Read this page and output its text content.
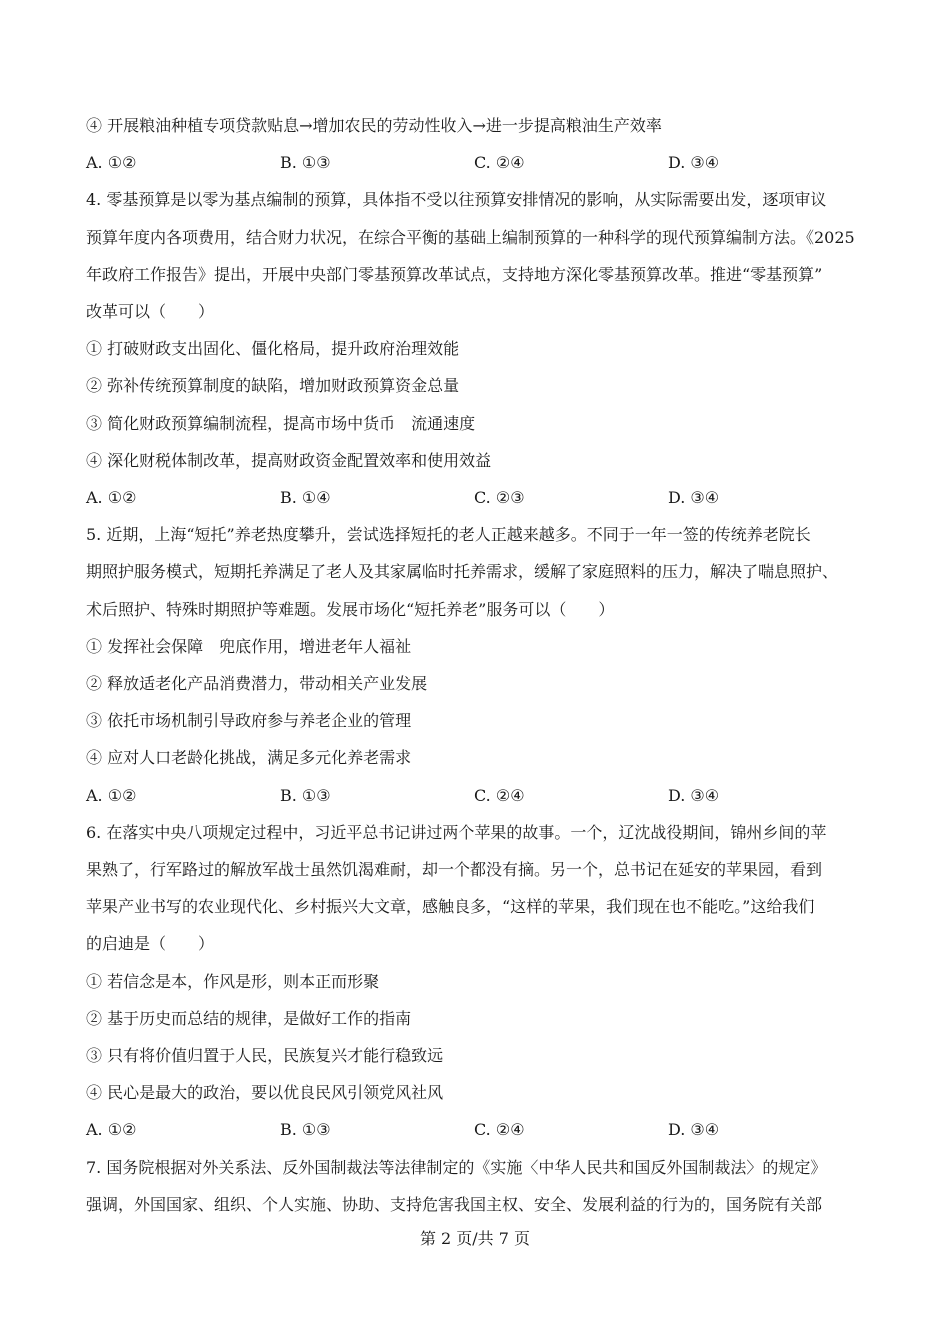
④ 开展粮油种植专项贷款贴息→增加农民的劳动性收入→进一步提高粮油生产效率
A. ①②	B. ①③	C. ②④	D. ③④
4. 零基预算是以零为基点编制的预算，具体指不受以往预算安排情况的影响，从实际需要出发，逐项审议
预算年度内各项费用，结合财力状况，在综合平衡的基础上编制预算的一种科学的现代预算编制方法。《2025
年政府工作报告》提出，开展中央部门零基预算改革试点，支持地方深化零基预算改革。推进“零基预算”
改革可以（　　）
① 打破财政支出固化、僵化格局，提升政府治理效能
② 弥补传统预算制度的缺陷，增加财政预算资金总量
③ 简化财政预算编制流程，提高市场中货币　流通速度
④ 深化财税体制改革，提高财政资金配置效率和使用效益
A. ①②	B. ①④	C. ②③	D. ③④
5. 近期，上海“短托”养老热度攀升，尝试选择短托的老人正越来越多。不同于一年一签的传统养老院长
期照护服务模式，短期托养满足了老人及其家属临时托养需求，缓解了家庭照料的压力，解决了喘息照护、
术后照护、特殊时期照护等难题。发展市场化“短托养老”服务可以（　　）
① 发挥社会保障　兜底作用，增进老年人福祉
② 释放适老化产品消费潜力，带动相关产业发展
③ 依托市场机制引导政府参与养老企业的管理
④ 应对人口老龄化挑战，满足多元化养老需求
A. ①②	B. ①③	C. ②④	D. ③④
6. 在落实中央八项规定过程中，习近平总书记讲过两个苹果的故事。一个，辽沈战役期间，锦州乡间的苹
果熟了，行军路过的解放军战士虽然饥渴难耐，却一个都没有摘。另一个，总书记在延安的苹果园，看到
苹果产业书写的农业现代化、乡村振兴大文章，感触良多，“这样的苹果，我们现在也不能吃。”这给我们
的启迪是（　　）
① 若信念是本，作风是形，则本正而形聚
② 基于历史而总结的规律，是做好工作的指南
③ 只有将价值归置于人民，民族复兴才能行稳致远
④ 民心是最大的政治，要以优良民风引领党风社风
A. ①②	B. ①③	C. ②④	D. ③④
7. 国务院根据对外关系法、反外国制裁法等法律制定的《实施〈中华人民共和国反外国制裁法〉的规定》
强调，外国国家、组织、个人实施、协助、支持危害我国主权、安全、发展利益的行为的，国务院有关部
第 2 页/共 7 页
